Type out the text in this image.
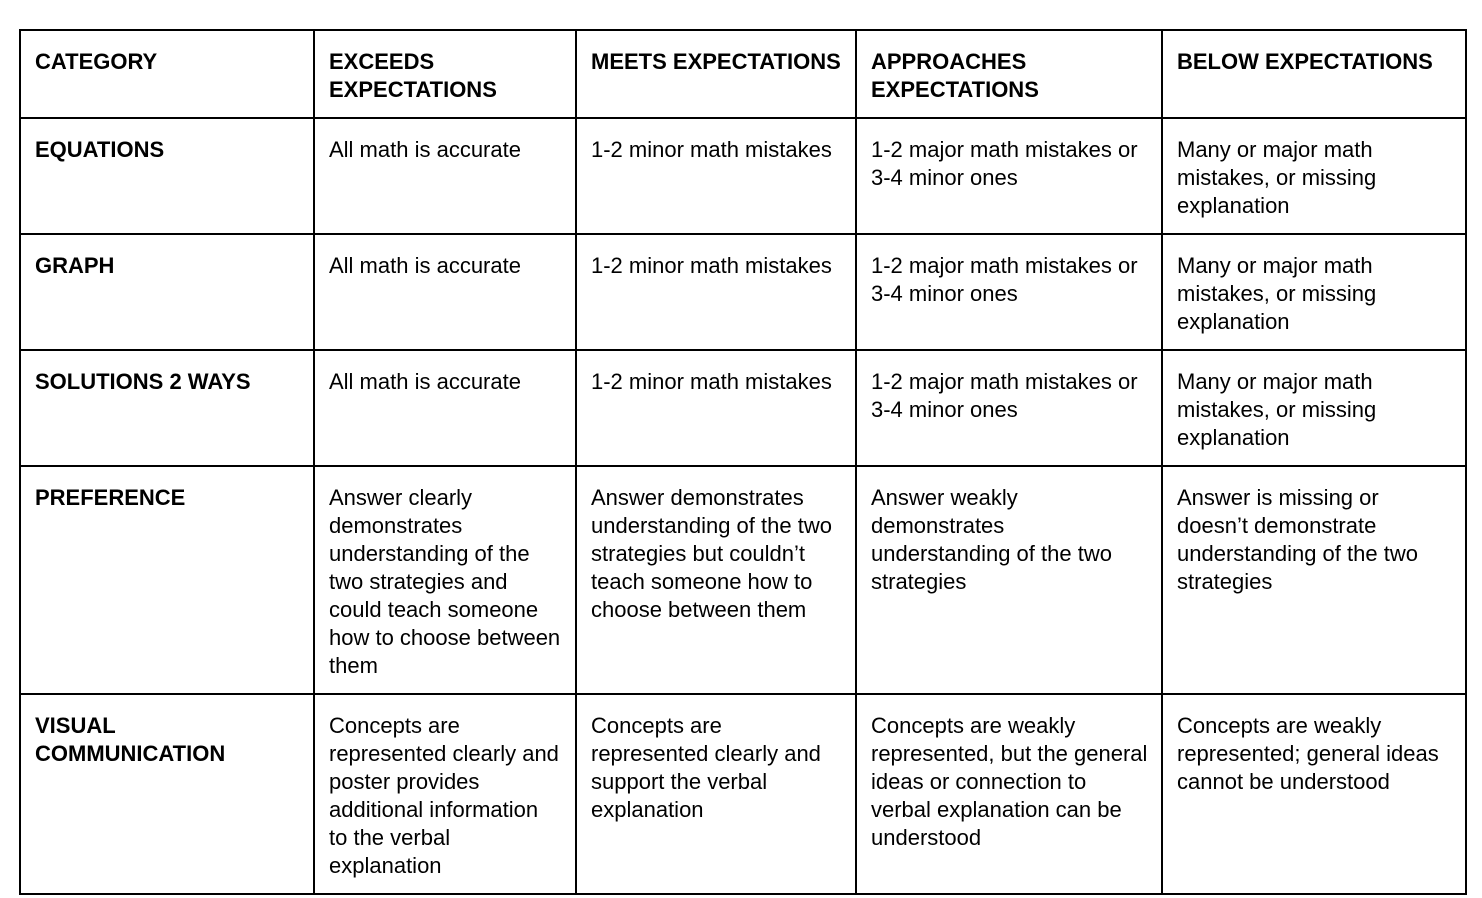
CATEGORY	EXCEEDS EXPECTATIONS	MEETS EXPECTATIONS	APPROACHES EXPECTATIONS	BELOW EXPECTATIONS
EQUATIONS	All math is accurate	1-2 minor math mistakes	1-2 major math mistakes or 3-4 minor ones	Many or major math mistakes, or missing explanation
GRAPH	All math is accurate	1-2 minor math mistakes	1-2 major math mistakes or 3-4 minor ones	Many or major math mistakes, or missing explanation
SOLUTIONS 2 WAYS	All math is accurate	1-2 minor math mistakes	1-2 major math mistakes or 3-4 minor ones	Many or major math mistakes, or missing explanation
PREFERENCE	Answer clearly demonstrates understanding of the two strategies and could teach someone how to choose between them	Answer demonstrates understanding of the two strategies but couldn’t teach someone how to choose between them	Answer weakly demonstrates understanding of the two strategies	Answer is missing or doesn’t demonstrate understanding of the two strategies
VISUAL COMMUNICATION	Concepts are represented clearly and poster provides additional information to the verbal explanation	Concepts are represented clearly and support the verbal explanation	Concepts are weakly represented, but the general ideas or connection to verbal explanation can be understood	Concepts are weakly represented; general ideas cannot be understood
